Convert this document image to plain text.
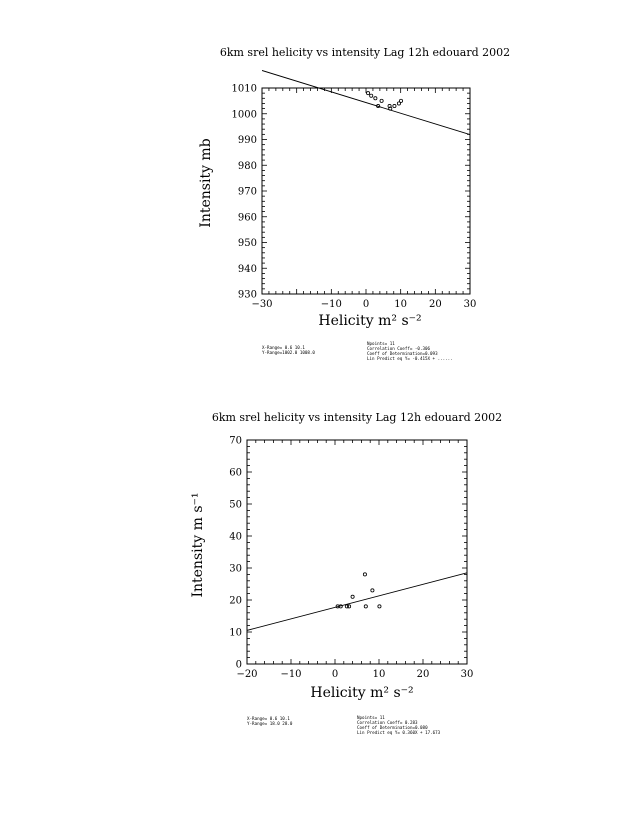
6km srel helicity vs intensity Lag 12h edouard 2002
−30	−10 0	10 20 30
930
940
950
960
970
980
990
1000
1010
Helicity m² s⁻²
Intensity mb
X-Range= 0.6 10.1
Y-Range=1002.0 1008.0
Npoints= 11
Correlation Coeff= -0.306
Coeff of Determination=0.093
Lin Predict eq Y= -0.415X + ......
6km srel helicity vs intensity Lag 12h edouard 2002
−20 −10	0	10	20	30
0
10
20
30
40
50
60
70
Helicity m² s⁻²
Intensity m s⁻¹
X-Range= 0.6 10.1
Y-Range= 18.0 28.0
Npoints= 11
Correlation Coeff= 0.283
Coeff of Determination=0.080
Lin Predict eq Y= 0.360X + 17.673
